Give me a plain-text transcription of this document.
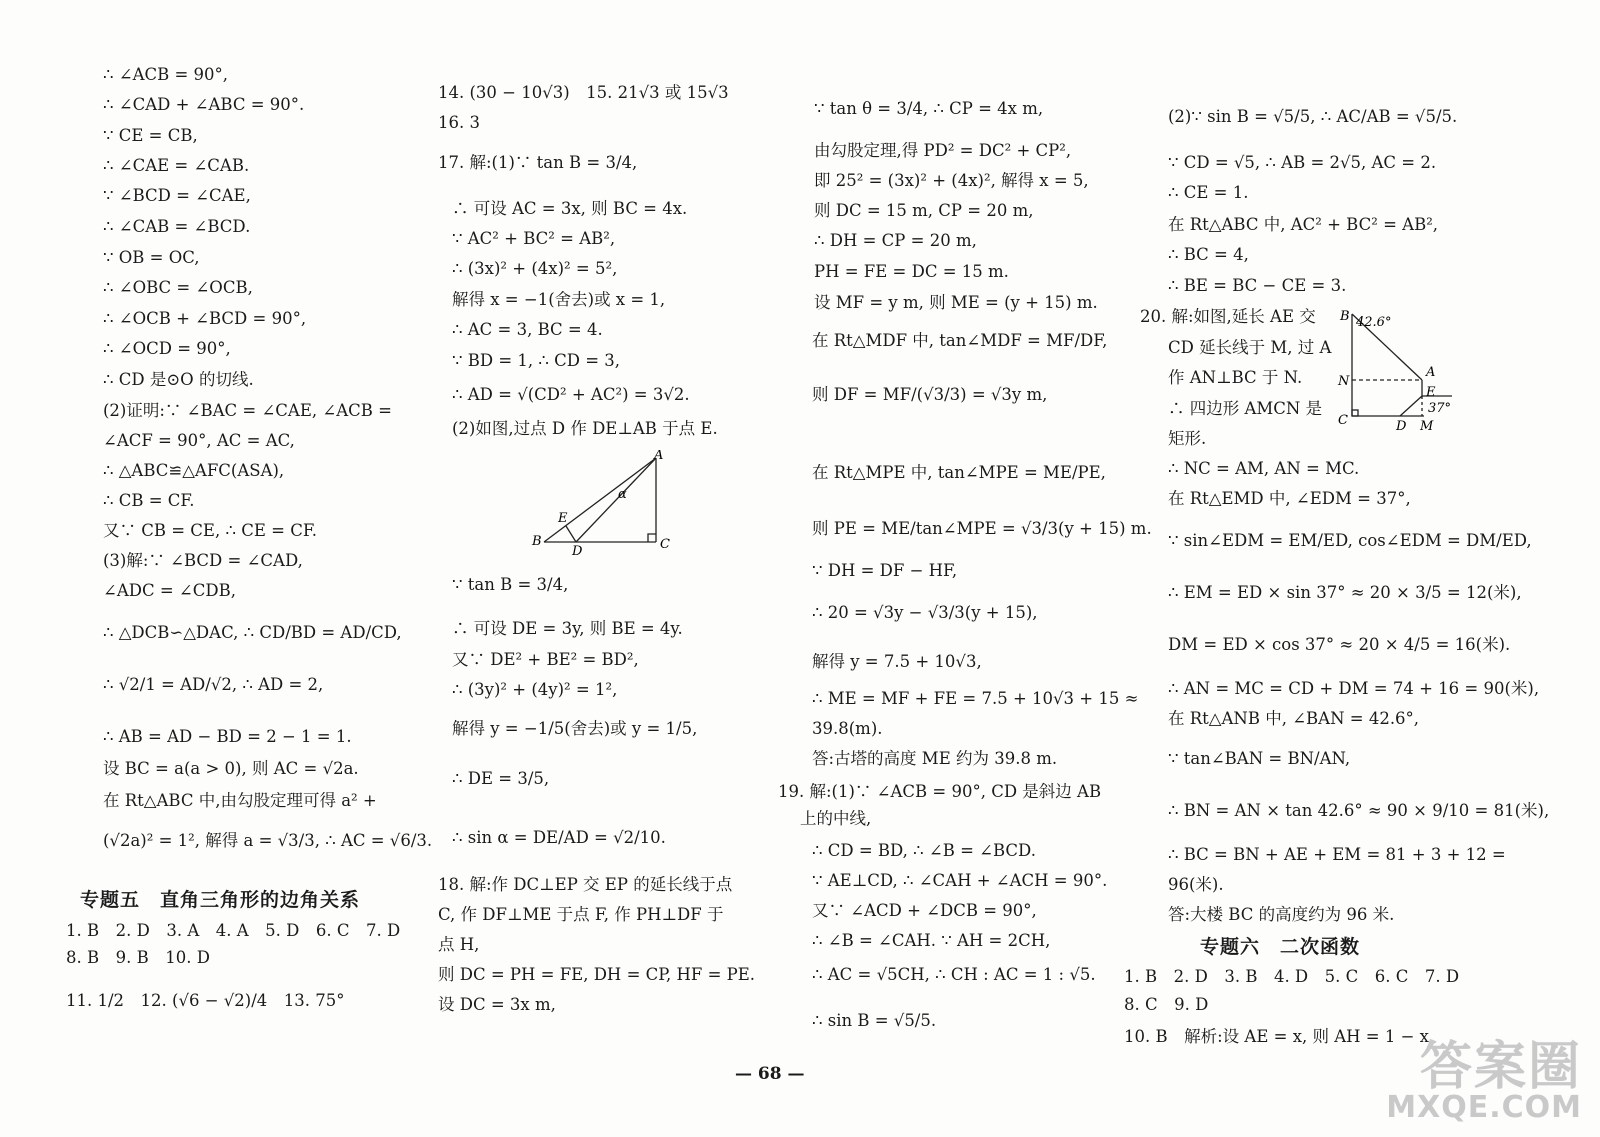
∴ ∠ACB = 90°,
∴ ∠CAD + ∠ABC = 90°.
∵ CE = CB,
∴ ∠CAE = ∠CAB.
∵ ∠BCD = ∠CAE,
∴ ∠CAB = ∠BCD.
∵ OB = OC,
∴ ∠OBC = ∠OCB,
∴ ∠OCB + ∠BCD = 90°,
∴ ∠OCD = 90°,
∴ CD 是⊙O 的切线.
(2)证明:∵ ∠BAC = ∠CAE, ∠ACB =
∠ACF = 90°, AC = AC,
∴ △ABC≌△AFC(ASA),
∴ CB = CF.
又∵ CB = CE, ∴ CE = CF.
(3)解:∵ ∠BCD = ∠CAD,
∠ADC = ∠CDB,
∴ △DCB∽△DAC, ∴ CD/BD = AD/CD,
∴ √2/1 = AD/√2, ∴ AD = 2,
∴ AB = AD − BD = 2 − 1 = 1.
设 BC = a(a > 0), 则 AC = √2a.
在 Rt△ABC 中,由勾股定理可得 a² +
(√2a)² = 1², 解得 a = √3/3, ∴ AC = √6/3.
专题五　直角三角形的边角关系
1. B　2. D　3. A　4. A　5. D　6. C　7. D
8. B　9. B　10. D
11. 1/2　12. (√6 − √2)/4　13. 75°
14. (30 − 10√3)　15. 21√3 或 15√3
16. 3
17. 解:(1)∵ tan B = 3/4,
∴ 可设 AC = 3x, 则 BC = 4x.
∵ AC² + BC² = AB²,
∴ (3x)² + (4x)² = 5²,
解得 x = −1(舍去)或 x = 1,
∴ AC = 3, BC = 4.
∵ BD = 1, ∴ CD = 3,
∴ AD = √(CD² + AC²) = 3√2.
(2)如图,过点 D 作 DE⊥AB 于点 E.
∵ tan B = 3/4,
∴ 可设 DE = 3y, 则 BE = 4y.
又∵ DE² + BE² = BD²,
∴ (3y)² + (4y)² = 1²,
解得 y = −1/5(舍去)或 y = 1/5,
∴ DE = 3/5,
∴ sin α = DE/AD = √2/10.
18. 解:作 DC⊥EP 交 EP 的延长线于点
C, 作 DF⊥ME 于点 F, 作 PH⊥DF 于
点 H,
则 DC = PH = FE, DH = CP, HF = PE.
设 DC = 3x m,
A
B	C
D
E
α
∵ tan θ = 3/4, ∴ CP = 4x m,
由勾股定理,得 PD² = DC² + CP²,
即 25² = (3x)² + (4x)², 解得 x = 5,
则 DC = 15 m, CP = 20 m,
∴ DH = CP = 20 m,
PH = FE = DC = 15 m.
设 MF = y m, 则 ME = (y + 15) m.
在 Rt△MDF 中, tan∠MDF = MF/DF,
则 DF = MF/(√3/3) = √3y m,
在 Rt△MPE 中, tan∠MPE = ME/PE,
则 PE = ME/tan∠MPE = √3/3(y + 15) m.
∵ DH = DF − HF,
∴ 20 = √3y − √3/3(y + 15),
解得 y = 7.5 + 10√3,
∴ ME = MF + FE = 7.5 + 10√3 + 15 ≈
39.8(m).
答:古塔的高度 ME 约为 39.8 m.
19. 解:(1)∵ ∠ACB = 90°, CD 是斜边 AB
上的中线,
∴ CD = BD, ∴ ∠B = ∠BCD.
∵ AE⊥CD, ∴ ∠CAH + ∠ACH = 90°.
又∵ ∠ACD + ∠DCB = 90°,
∴ ∠B = ∠CAH. ∵ AH = 2CH,
∴ AC = √5CH, ∴ CH : AC = 1 : √5.
∴ sin B = √5/5.
(2)∵ sin B = √5/5, ∴ AC/AB = √5/5.
∵ CD = √5, ∴ AB = 2√5, AC = 2.
∴ CE = 1.
在 Rt△ABC 中, AC² + BC² = AB²,
∴ BC = 4,
∴ BE = BC − CE = 3.
20. 解:如图,延长 AE 交
CD 延长线于 M, 过 A
作 AN⊥BC 于 N.
∴ 四边形 AMCN 是
矩形.
∴ NC = AM, AN = MC.
在 Rt△EMD 中, ∠EDM = 37°,
∵ sin∠EDM = EM/ED, cos∠EDM = DM/ED,
∴ EM = ED × sin 37° ≈ 20 × 3/5 = 12(米),
DM = ED × cos 37° ≈ 20 × 4/5 = 16(米).
∴ AN = MC = CD + DM = 74 + 16 = 90(米),
在 Rt△ANB 中, ∠BAN = 42.6°,
∵ tan∠BAN = BN/AN,
∴ BN = AN × tan 42.6° ≈ 90 × 9/10 = 81(米),
∴ BC = BN + AE + EM = 81 + 3 + 12 =
96(米).
答:大楼 BC 的高度约为 96 米.
B 42.6°
A
N
E
37°
C	D M
专题六　二次函数
1. B　2. D　3. B　4. D　5. C　6. C　7. D
8. C　9. D
10. B　解析:设 AE = x, 则 AH = 1 − x
— 68 —	答案圈
MXQE.COM
